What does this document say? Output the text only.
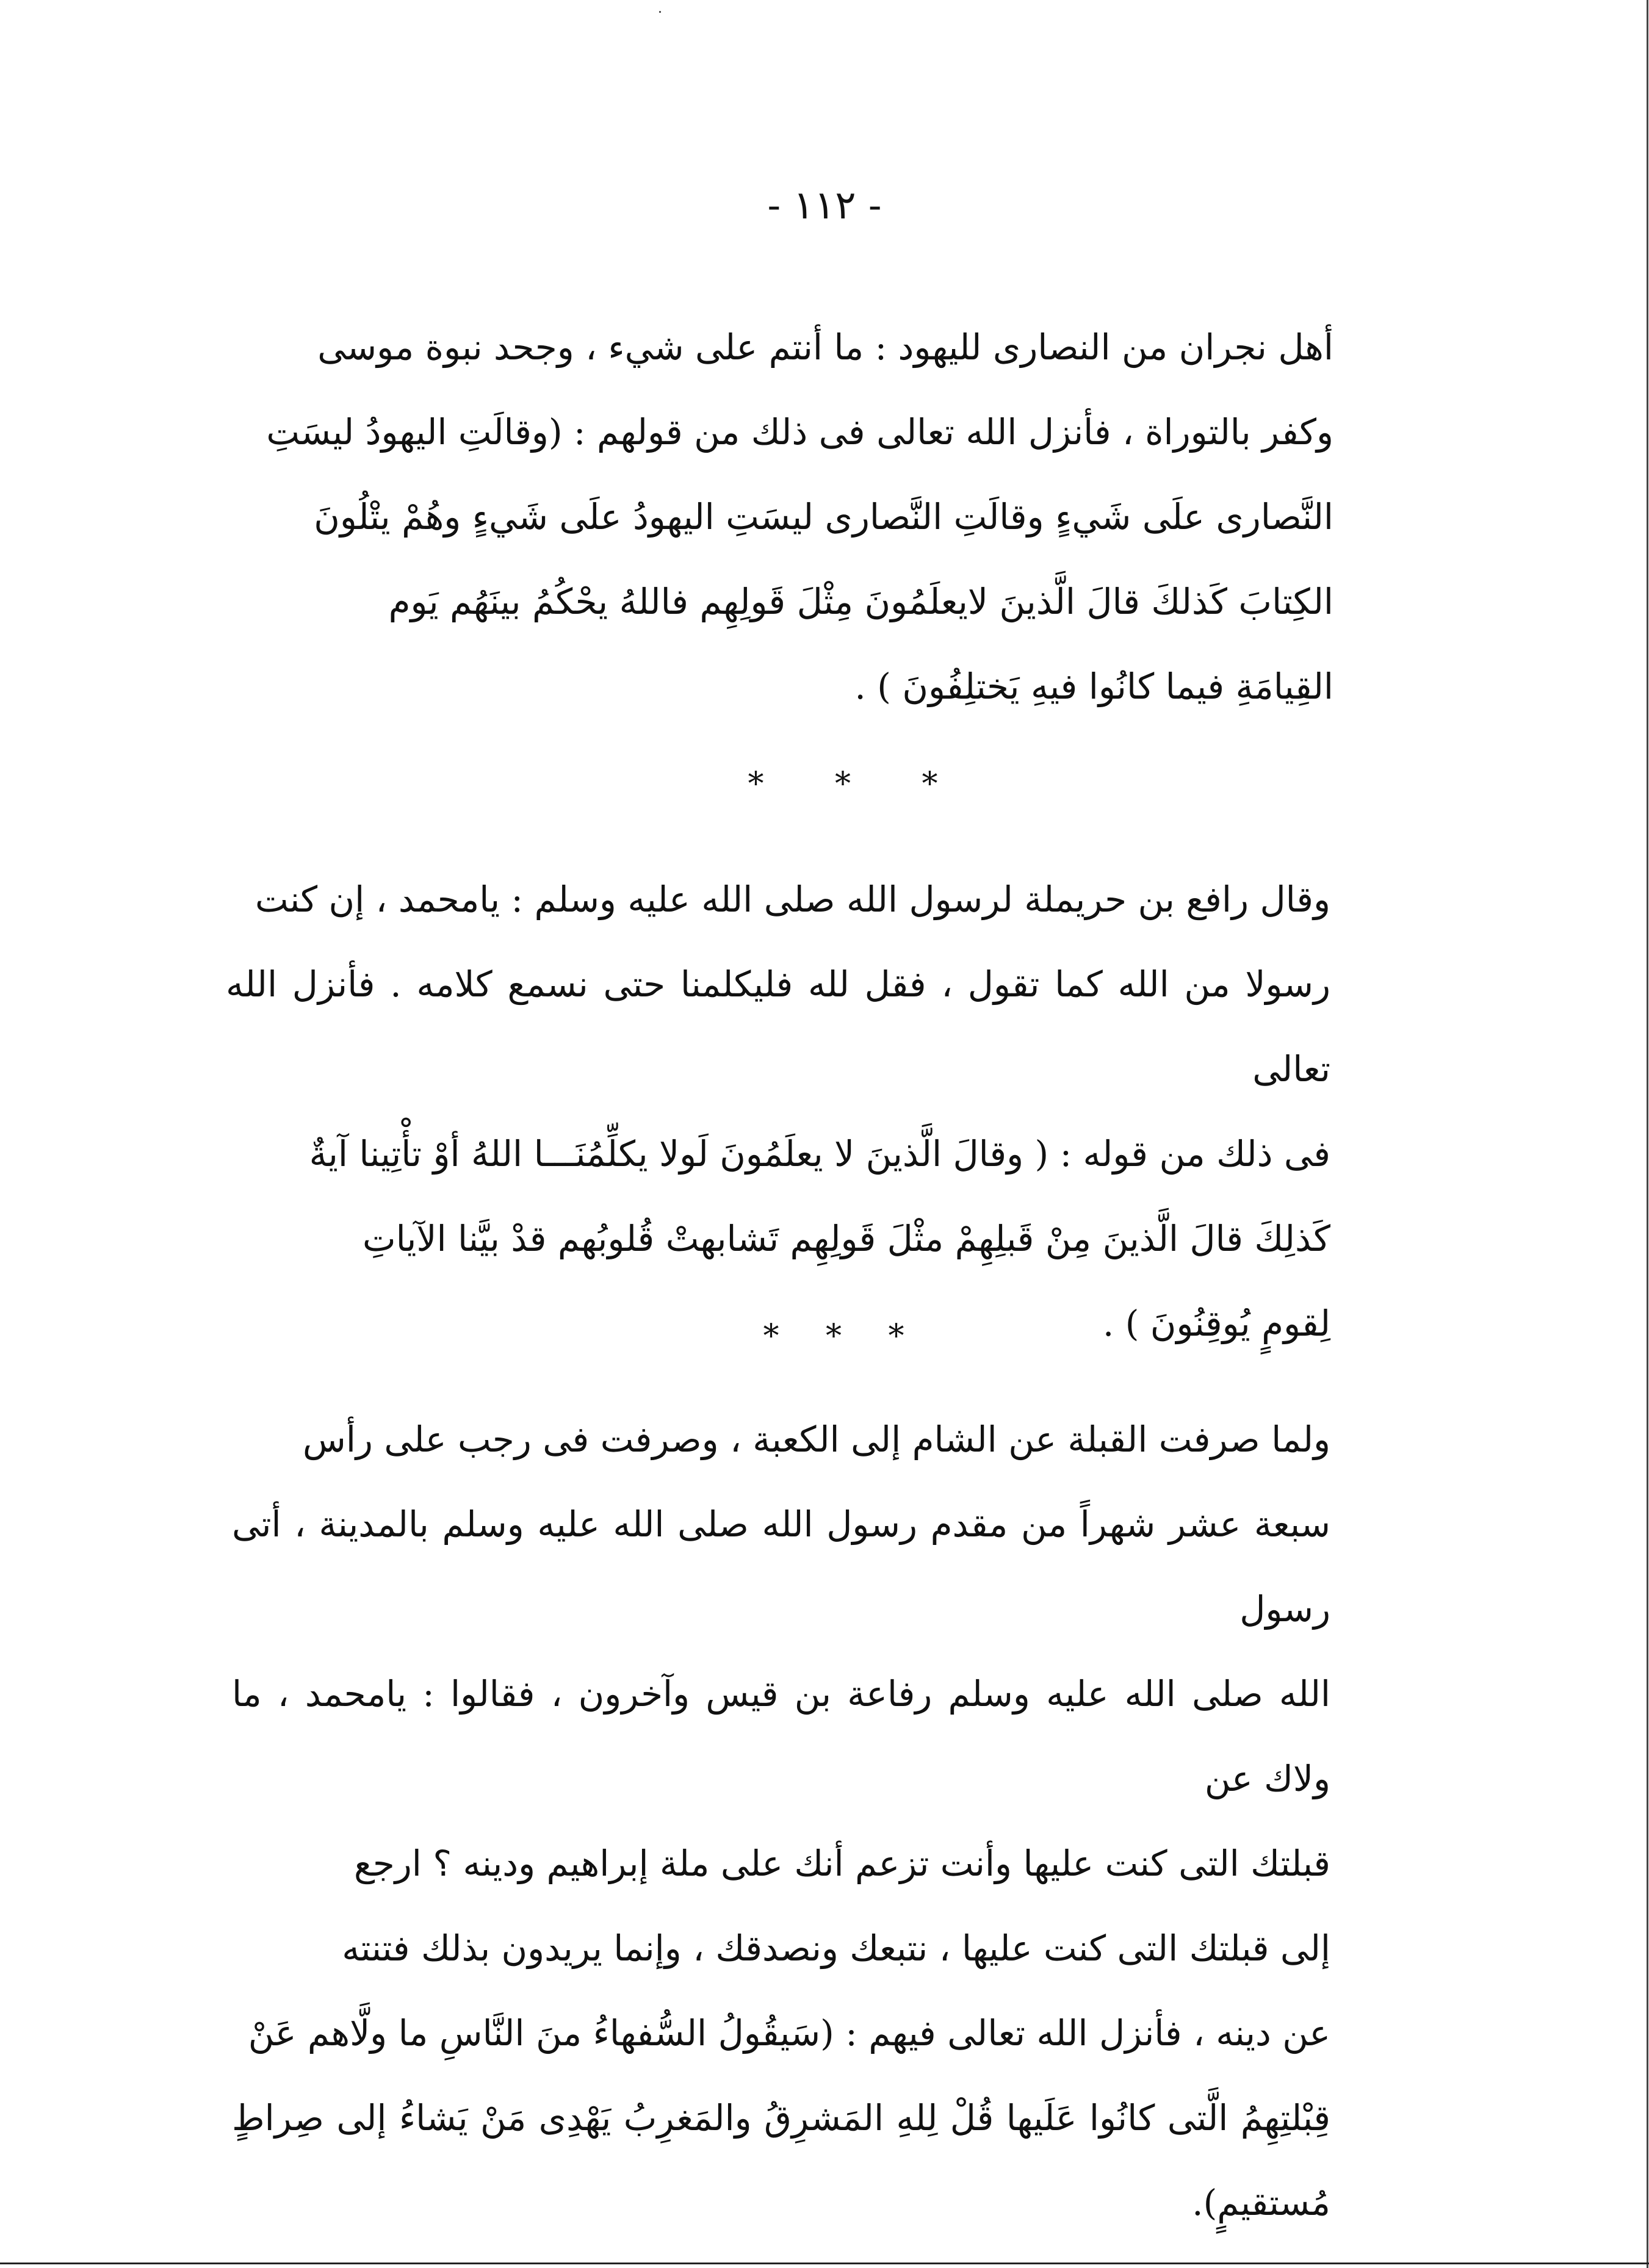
- ١١٢ -

أهل نجران من النصارى لليهود : ما أنتم على شيء ، وجحد نبوة موسى

وكفر بالتوراة ، فأنزل الله تعالى فى ذلك من قولهم : (وقالَتِ اليهودُ ليسَتِ

النَّصارى علَى شَيءٍ وقالَتِ النَّصارى ليسَتِ اليهودُ علَى شَيءٍ وهُمْ يتْلُونَ

الكِتابَ كَذلكَ قالَ الَّذينَ لايعلَمُونَ مِثْلَ قَولِهِم فاللهُ يحْكُمُ بينَهُم يَوم

القِيامَةِ فيما كانُوا فيهِ يَختلِفُونَ ) .

* * *

وقال رافع بن حريملة لرسول الله صلى الله عليه وسلم : يامحمد ، إن كنت

رسولا من الله كما تقول ، فقل لله فليكلمنا حتى نسمع كلامه . فأنزل الله تعالى

فى ذلك من قوله : ( وقالَ الَّذينَ لا يعلَمُونَ لَولا يكلِّمُنَـــا اللهُ أوْ تأْتِينا آيةٌ

كَذلِكَ قالَ الَّذينَ مِنْ قَبلِهِمْ مثْلَ قَولِهِم تَشابهتْ قُلوبُهم قدْ بيَّنا الآياتِ

لِقومٍ يُوقِنُونَ ) .

* * *

ولما صرفت القبلة عن الشام إلى الكعبة ، وصرفت فى رجب على رأس

سبعة عشر شهراً من مقدم رسول الله صلى الله عليه وسلم بالمدينة ، أتى رسول

الله صلى الله عليه وسلم رفاعة بن قيس وآخرون ، فقالوا : يامحمد ، ما ولاك عن

قبلتك التى كنت عليها وأنت تزعم أنك على ملة إبراهيم ودينه ؟ ارجع

إلى قبلتك التى كنت عليها ، نتبعك ونصدقك ، وإنما يريدون بذلك فتنته

عن دينه ، فأنزل الله تعالى فيهم : (سَيقُولُ السُّفهاءُ منَ النَّاسِ ما ولَّاهم عَنْ

قِبْلتِهِمُ الَّتى كانُوا عَلَيها قُلْ لِلهِ المَشرِقُ والمَغرِبُ يَهْدِى مَنْ يَشاءُ إلى صِراطٍ مُستقيمٍ).
